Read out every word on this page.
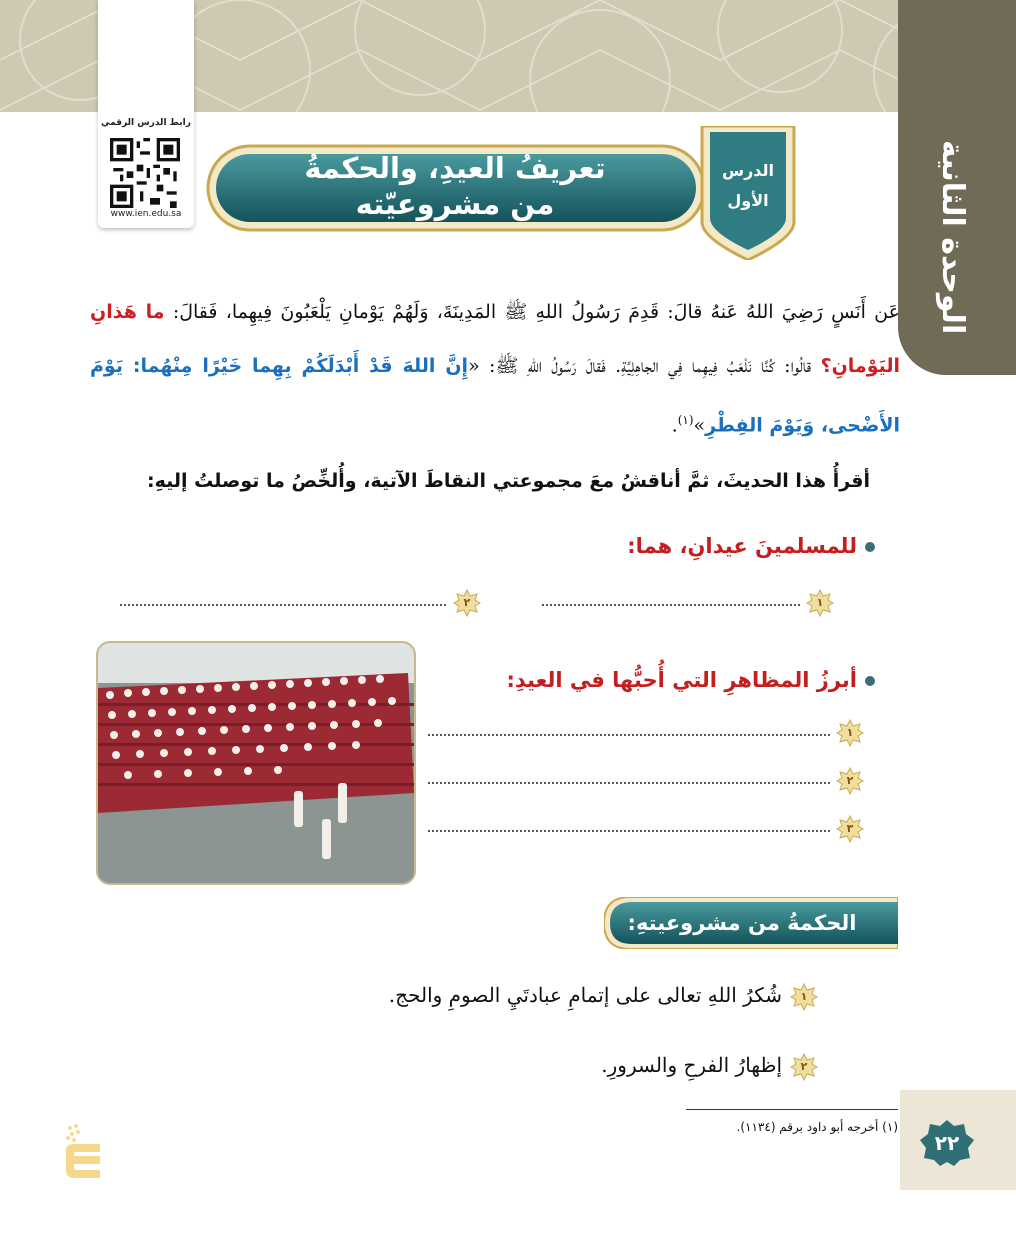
الوحدة الثانية
رابط الدرس الرقمي
www.ien.edu.sa
تعريفُ العيدِ، والحكمةُ
من مشروعيّته
الدرس
الأول
عَن أَنَسٍ رَضِيَ اللهُ عَنهُ قالَ: قَدِمَ رَسُولُ اللهِ ﷺ المَدِينَةَ، وَلَهُمْ يَوْمانِ يَلْعَبُونَ فِيهِما، فَقالَ: ما هَذانِ اليَوْمانِ؟ قالُوا: كُنَّا نَلْعَبُ فِيهِما فِي الجاهِلِيَّةِ. فَقالَ رَسُولُ اللهِ ﷺ: «إِنَّ اللهَ قَدْ أَبْدَلَكُمْ بِهِما خَيْرًا مِنْهُما: يَوْمَ الأَضْحى، وَيَوْمَ الفِطْرِ»$^{(١)}$.
أقرأُ هذا الحديثَ، ثمَّ أناقشُ معَ مجموعتي النقاطَ الآتية، وأُلخِّصُ ما توصلتُ إليهِ:
للمسلمينَ عيدانِ، هما:
١
٢
أبرزُ المظاهرِ التي أُحبُّها في العيدِ:
١
٢
٣
الحكمةُ من مشروعيتهِ:
١
شُكرُ اللهِ تعالى على إتمامِ عبادتَيِ الصومِ والحج.
٢
إظهارُ الفرحِ والسرورِ.
(١) أخرجه أبو داود برقم (١١٣٤).
٢٢
